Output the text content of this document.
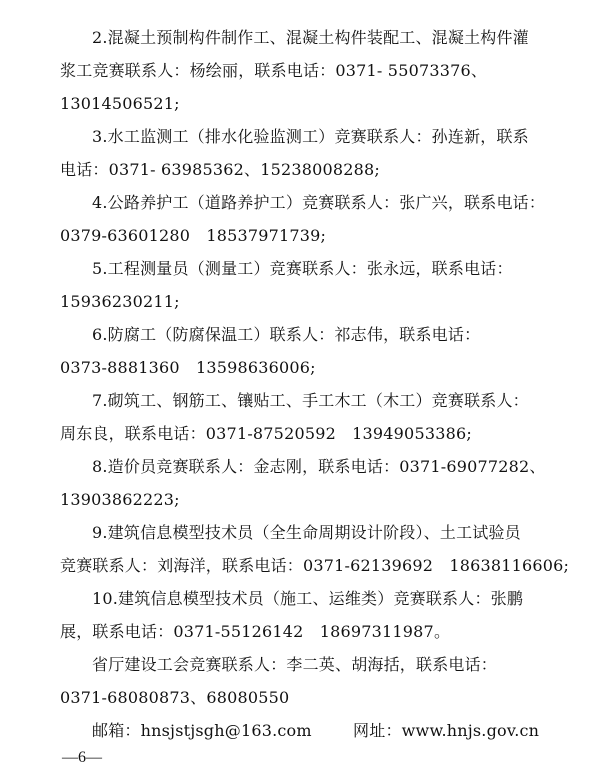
2.混凝土预制构件制作工、混凝土构件装配工、混凝土构件灌
浆工竞赛联系人：杨绘丽，联系电话：0371- 55073376、
13014506521;
3.水工监测工（排水化验监测工）竞赛联系人：孙连新，联系
电话：0371- 63985362、15238008288;
4.公路养护工（道路养护工）竞赛联系人：张广兴，联系电话：
0379-63601280　18537971739;
5.工程测量员（测量工）竞赛联系人：张永远，联系电话：
15936230211;
6.防腐工（防腐保温工）联系人：祁志伟，联系电话：
0373-8881360　13598636006;
7.砌筑工、钢筋工、镶贴工、手工木工（木工）竞赛联系人：
周东良，联系电话：0371-87520592　13949053386;
8.造价员竞赛联系人：金志刚，联系电话：0371-69077282、
13903862223;
9.建筑信息模型技术员（全生命周期设计阶段）、土工试验员
竞赛联系人：刘海洋，联系电话：0371-62139692　18638116606;
10.建筑信息模型技术员（施工、运维类）竞赛联系人：张鹏
展，联系电话：0371-55126142　18697311987。
省厅建设工会竞赛联系人：李二英、胡海括，联系电话：
0371-68080873、68080550
邮箱：hnsjstjsgh@163.com	网址：www.hnjs.gov.cn
—6—
